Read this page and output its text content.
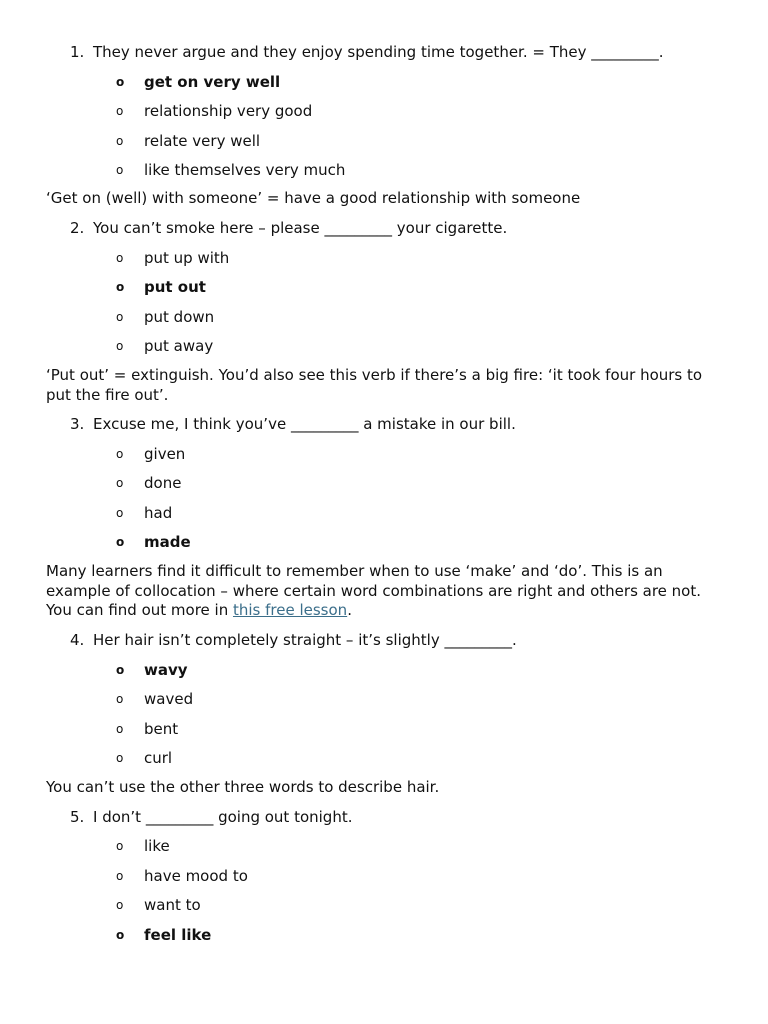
1. They never argue and they enjoy spending time together. = They _________.
o get on very well
o relationship very good
o relate very well
o like themselves very much
‘Get on (well) with someone’ = have a good relationship with someone
2. You can’t smoke here – please _________ your cigarette.
o put up with
o put out
o put down
o put away
‘Put out’ = extinguish. You’d also see this verb if there’s a big fire: ‘it took four hours to put the fire out’.
3. Excuse me, I think you’ve _________ a mistake in our bill.
o given
o done
o had
o made
Many learners find it difficult to remember when to use ‘make’ and ‘do’. This is an example of collocation – where certain word combinations are right and others are not. You can find out more in this free lesson.
4. Her hair isn’t completely straight – it’s slightly _________.
o wavy
o waved
o bent
o curl
You can’t use the other three words to describe hair.
5. I don’t _________ going out tonight.
o like
o have mood to
o want to
o feel like
